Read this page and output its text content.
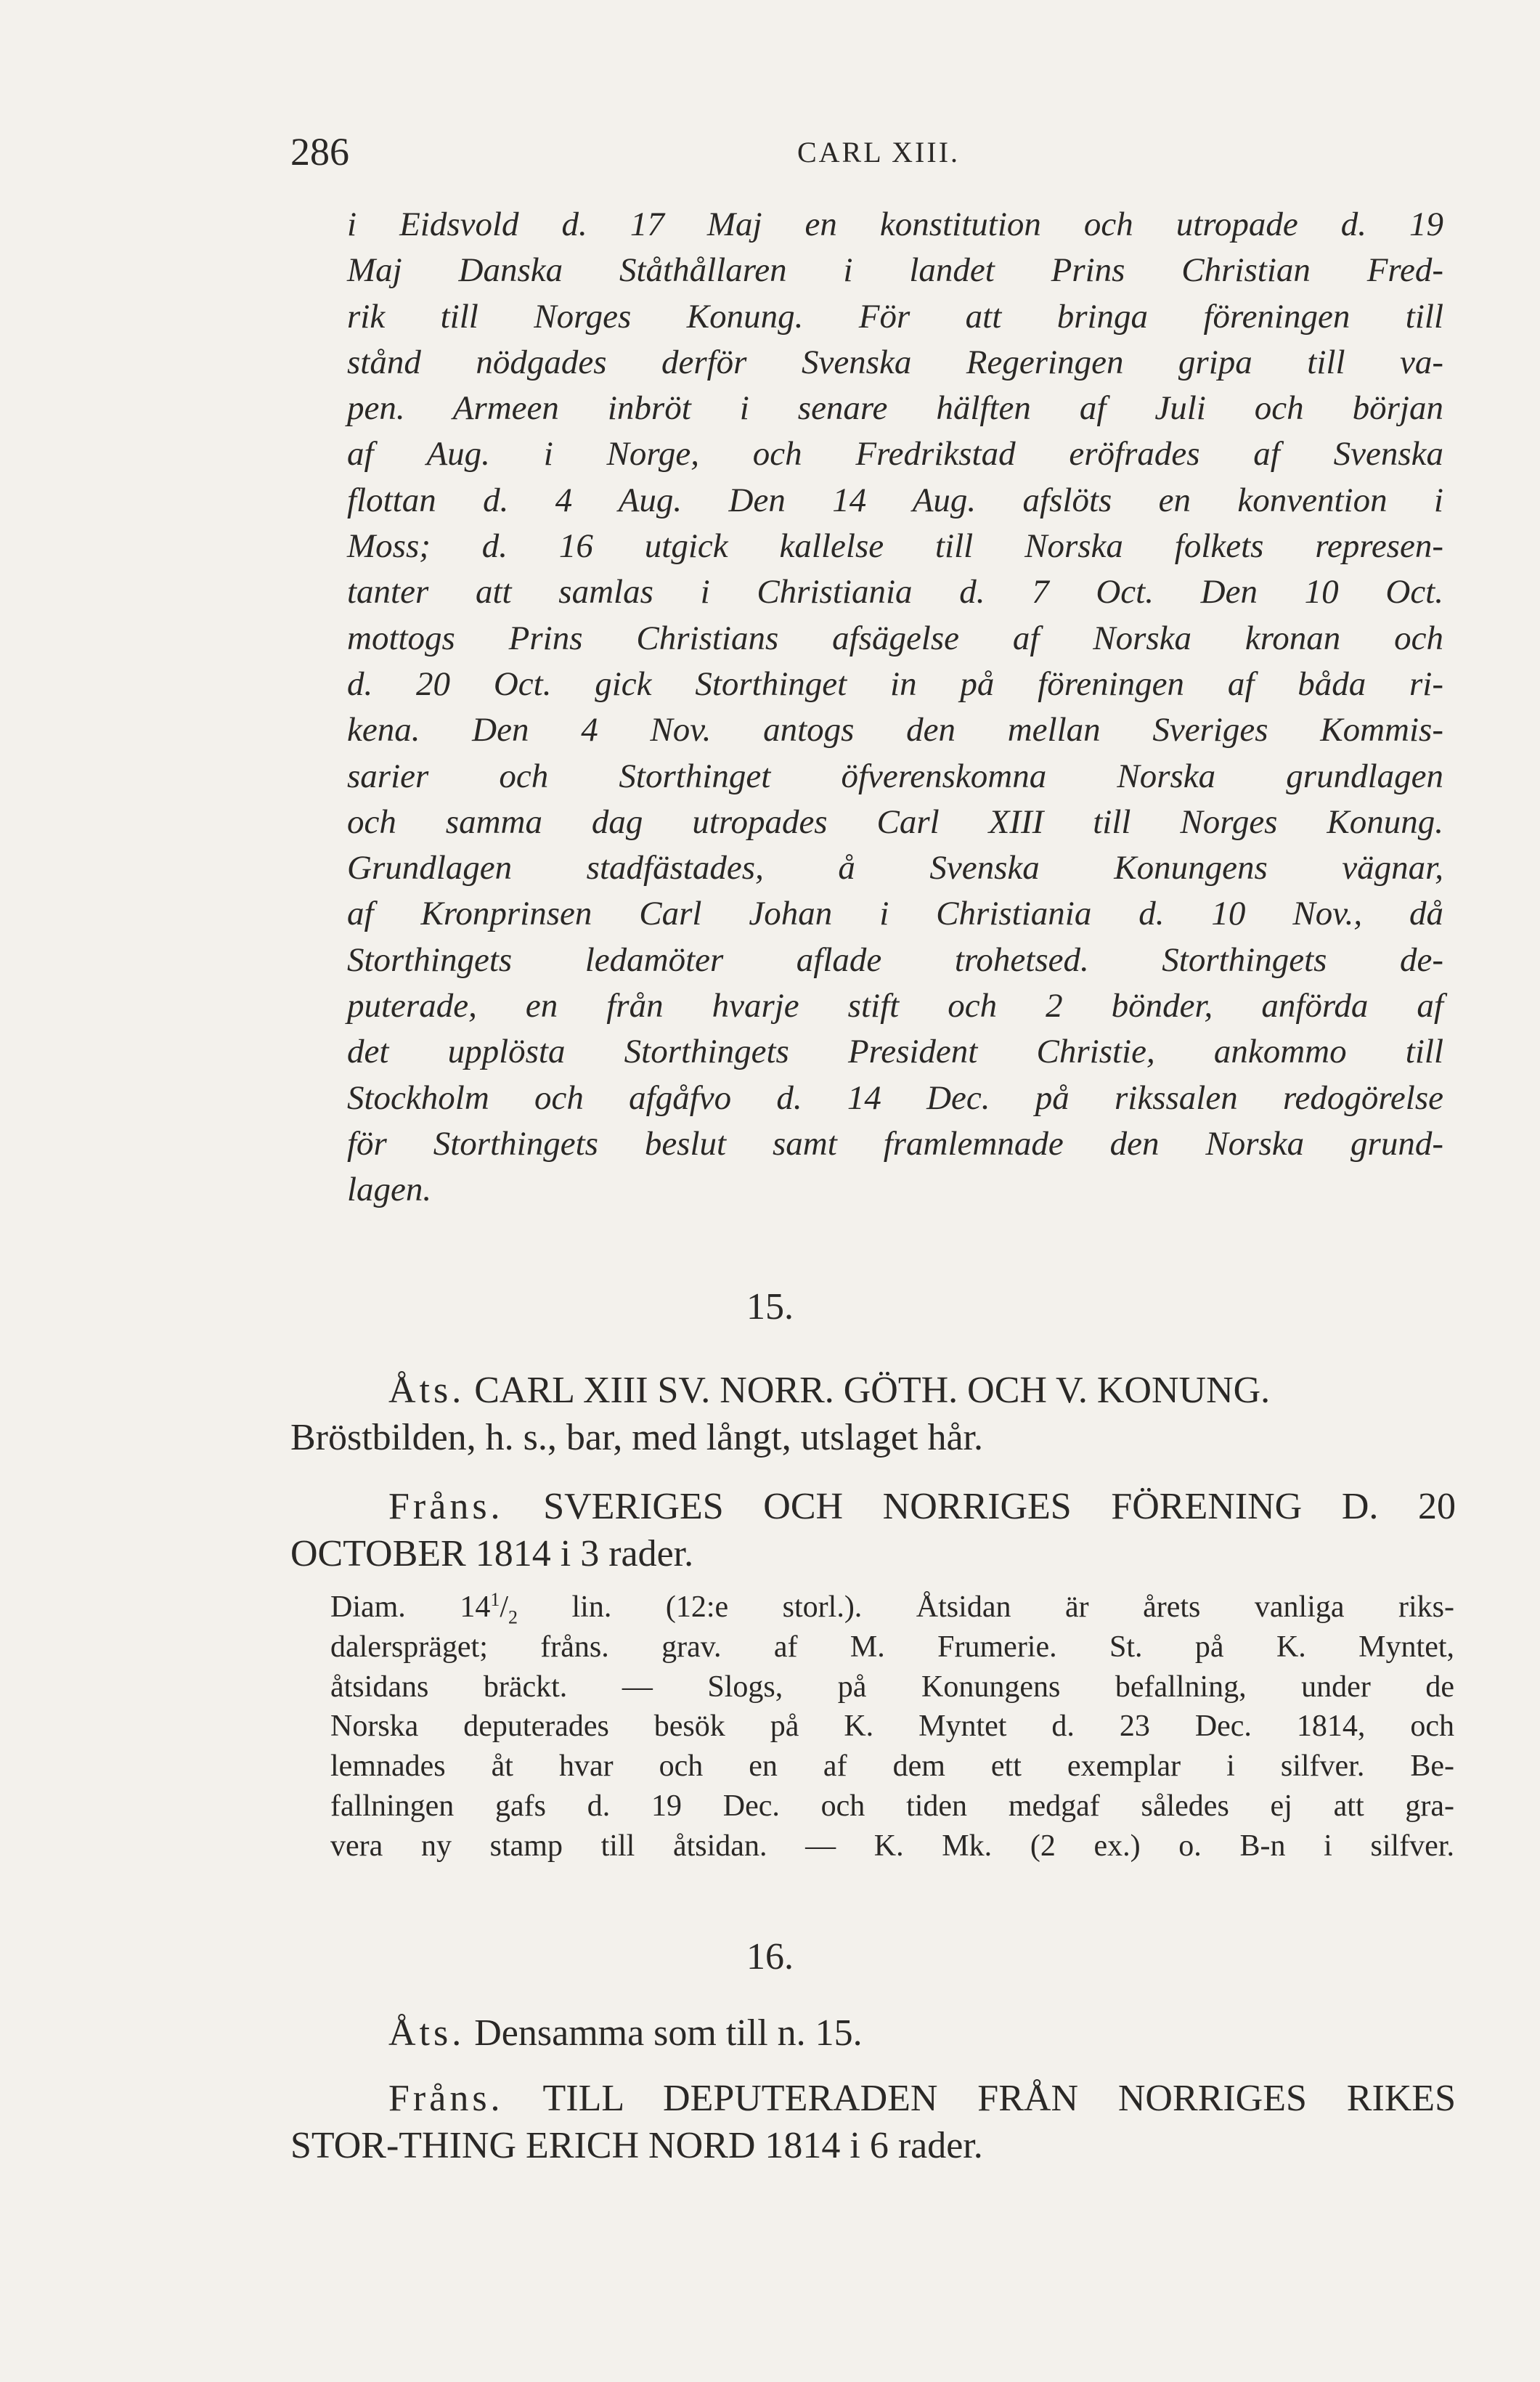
286	CARL XIII.
i Eidsvold d. 17 Maj en konstitution och utropade d. 19
Maj Danska Ståthållaren i landet Prins Christian Fred-
rik till Norges Konung. För att bringa föreningen till
stånd nödgades derför Svenska Regeringen gripa till va-
pen. Armeen inbröt i senare hälften af Juli och början
af Aug. i Norge, och Fredrikstad eröfrades af Svenska
flottan d. 4 Aug. Den 14 Aug. afslöts en konvention i
Moss; d. 16 utgick kallelse till Norska folkets represen-
tanter att samlas i Christiania d. 7 Oct. Den 10 Oct.
mottogs Prins Christians afsägelse af Norska kronan och
d. 20 Oct. gick Storthinget in på föreningen af båda ri-
kena. Den 4 Nov. antogs den mellan Sveriges Kommis-
sarier och Storthinget öfverenskomna Norska grundlagen
och samma dag utropades Carl XIII till Norges Konung.
Grundlagen stadfästades, å Svenska Konungens vägnar,
af Kronprinsen Carl Johan i Christiania d. 10 Nov., då
Storthingets ledamöter aflade trohetsed. Storthingets de-
puterade, en från hvarje stift och 2 bönder, anförda af
det upplösta Storthingets President Christie, ankommo till
Stockholm och afgåfvo d. 14 Dec. på rikssalen redogörelse
för Storthingets beslut samt framlemnade den Norska grund-
lagen.
15.
Åts. CARL XIII SV. NORR. GÖTH. OCH V. KONUNG.
Bröstbilden, h. s., bar, med långt, utslaget hår.
Fråns. SVERIGES OCH NORRIGES FÖRENING D. 20
OCTOBER 1814 i 3 rader.
Diam. $14^1/_2$ lin. (12:e storl.). Åtsidan är årets vanliga riks-
dalerspräget; fråns. grav. af M. Frumerie. St. på K. Myntet,
åtsidans bräckt. — Slogs, på Konungens befallning, under de
Norska deputerades besök på K. Myntet d. 23 Dec. 1814, och
lemnades åt hvar och en af dem ett exemplar i silfver. Be-
fallningen gafs d. 19 Dec. och tiden medgaf således ej att gra-
vera ny stamp till åtsidan. — K. Mk. (2 ex.) o. B-n i silfver.
16.
Åts. Densamma som till n. 15.
Fråns. TILL DEPUTERADEN FRÅN NORRIGES RIKES
STOR-THING ERICH NORD 1814 i 6 rader.
